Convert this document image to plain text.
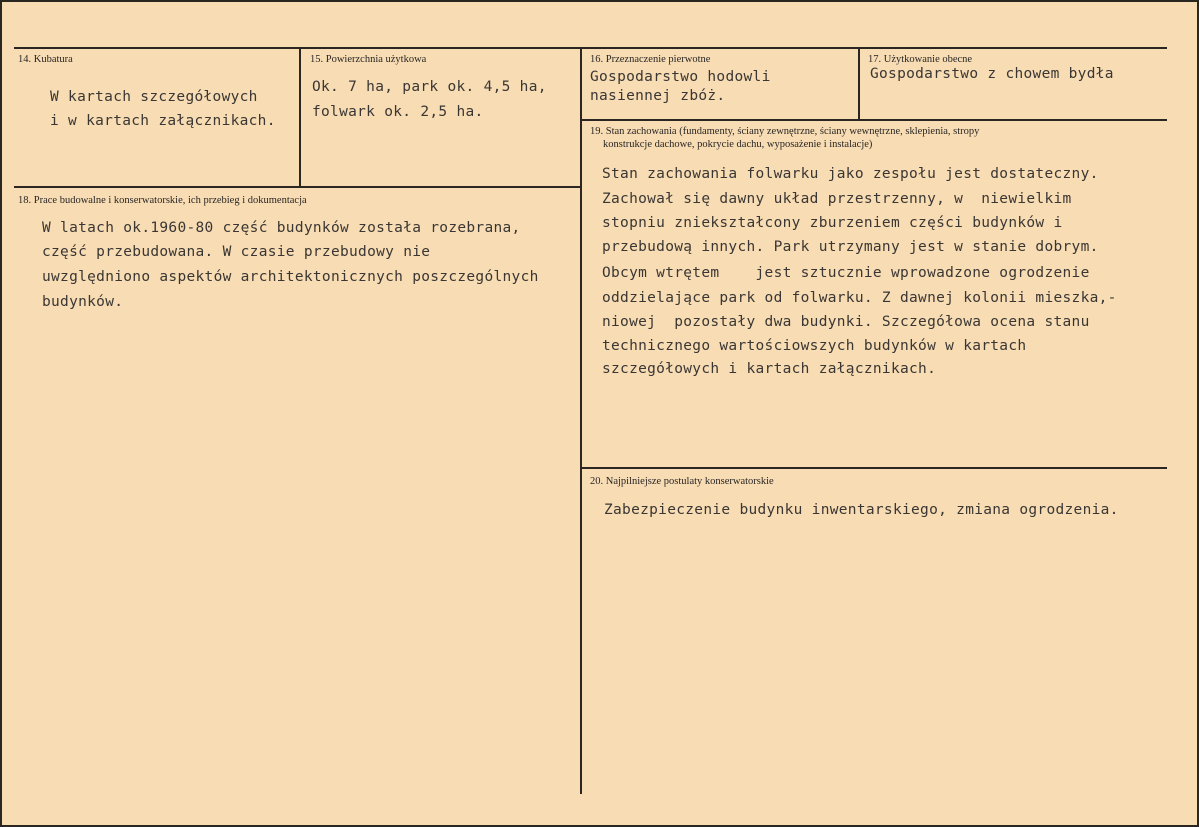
14. Kubatura
W kartach szczegółowych
i w kartach załącznikach.
15. Powierzchnia użytkowa
Ok. 7 ha, park ok. 4,5 ha,
folwark ok. 2,5 ha.
16. Przeznaczenie pierwotne
Gospodarstwo hodowli
nasiennej zbóż.
17. Użytkowanie obecne
Gospodarstwo z chowem bydła
18. Prace budowalne i konserwatorskie, ich przebieg i dokumentacja
W latach ok.1960-80 część budynków została rozebrana,
część przebudowana. W czasie przebudowy nie
uwzględniono aspektów architektonicznych poszczególnych
budynków.
19. Stan zachowania (fundamenty, ściany zewnętrzne, ściany wewnętrzne, sklepienia, stropy
konstrukcje dachowe, pokrycie dachu, wyposażenie i instalacje)
Stan zachowania folwarku jako zespołu jest dostateczny.
Zachował się dawny układ przestrzenny, w  niewielkim
stopniu zniekształcony zburzeniem części budynków i
przebudową innych. Park utrzymany jest w stanie dobrym.
Obcym wtrętem    jest sztucznie wprowadzone ogrodzenie
oddzielające park od folwarku. Z dawnej kolonii mieszka,-
niowej  pozostały dwa budynki. Szczegółowa ocena stanu
technicznego wartościowszych budynków w kartach
szczegółowych i kartach załącznikach.
20. Najpilniejsze postulaty konserwatorskie
Zabezpieczenie budynku inwentarskiego, zmiana ogrodzenia.
